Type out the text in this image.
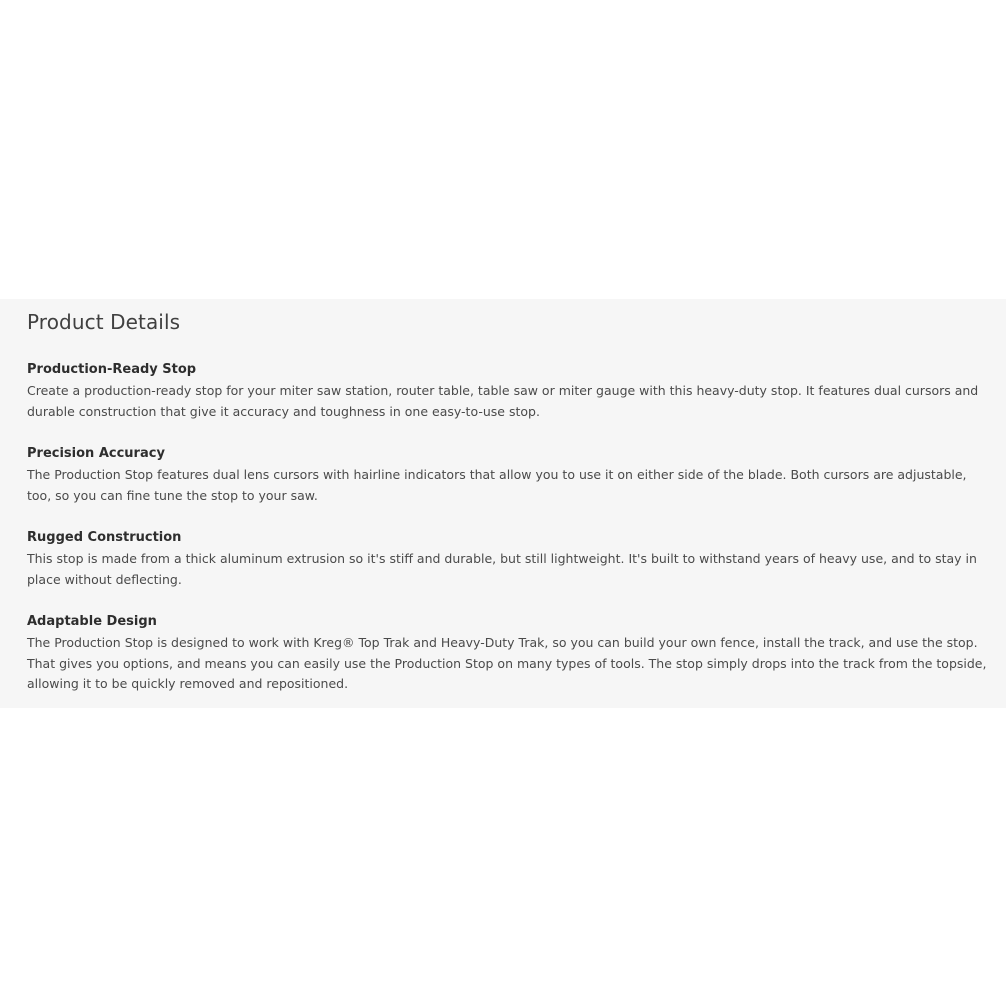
Product Details
Production-Ready Stop

Create a production-ready stop for your miter saw station, router table, table saw or miter gauge with this heavy-duty stop. It features dual cursors and durable construction that give it accuracy and toughness in one easy-to-use stop.

Precision Accuracy

The Production Stop features dual lens cursors with hairline indicators that allow you to use it on either side of the blade. Both cursors are adjustable, too, so you can fine tune the stop to your saw.

Rugged Construction

This stop is made from a thick aluminum extrusion so it's stiff and durable, but still lightweight. It's built to withstand years of heavy use, and to stay in place without deflecting.

Adaptable Design

The Production Stop is designed to work with Kreg® Top Trak and Heavy-Duty Trak, so you can build your own fence, install the track, and use the stop. That gives you options, and means you can easily use the Production Stop on many types of tools. The stop simply drops into the track from the topside, allowing it to be quickly removed and repositioned.
